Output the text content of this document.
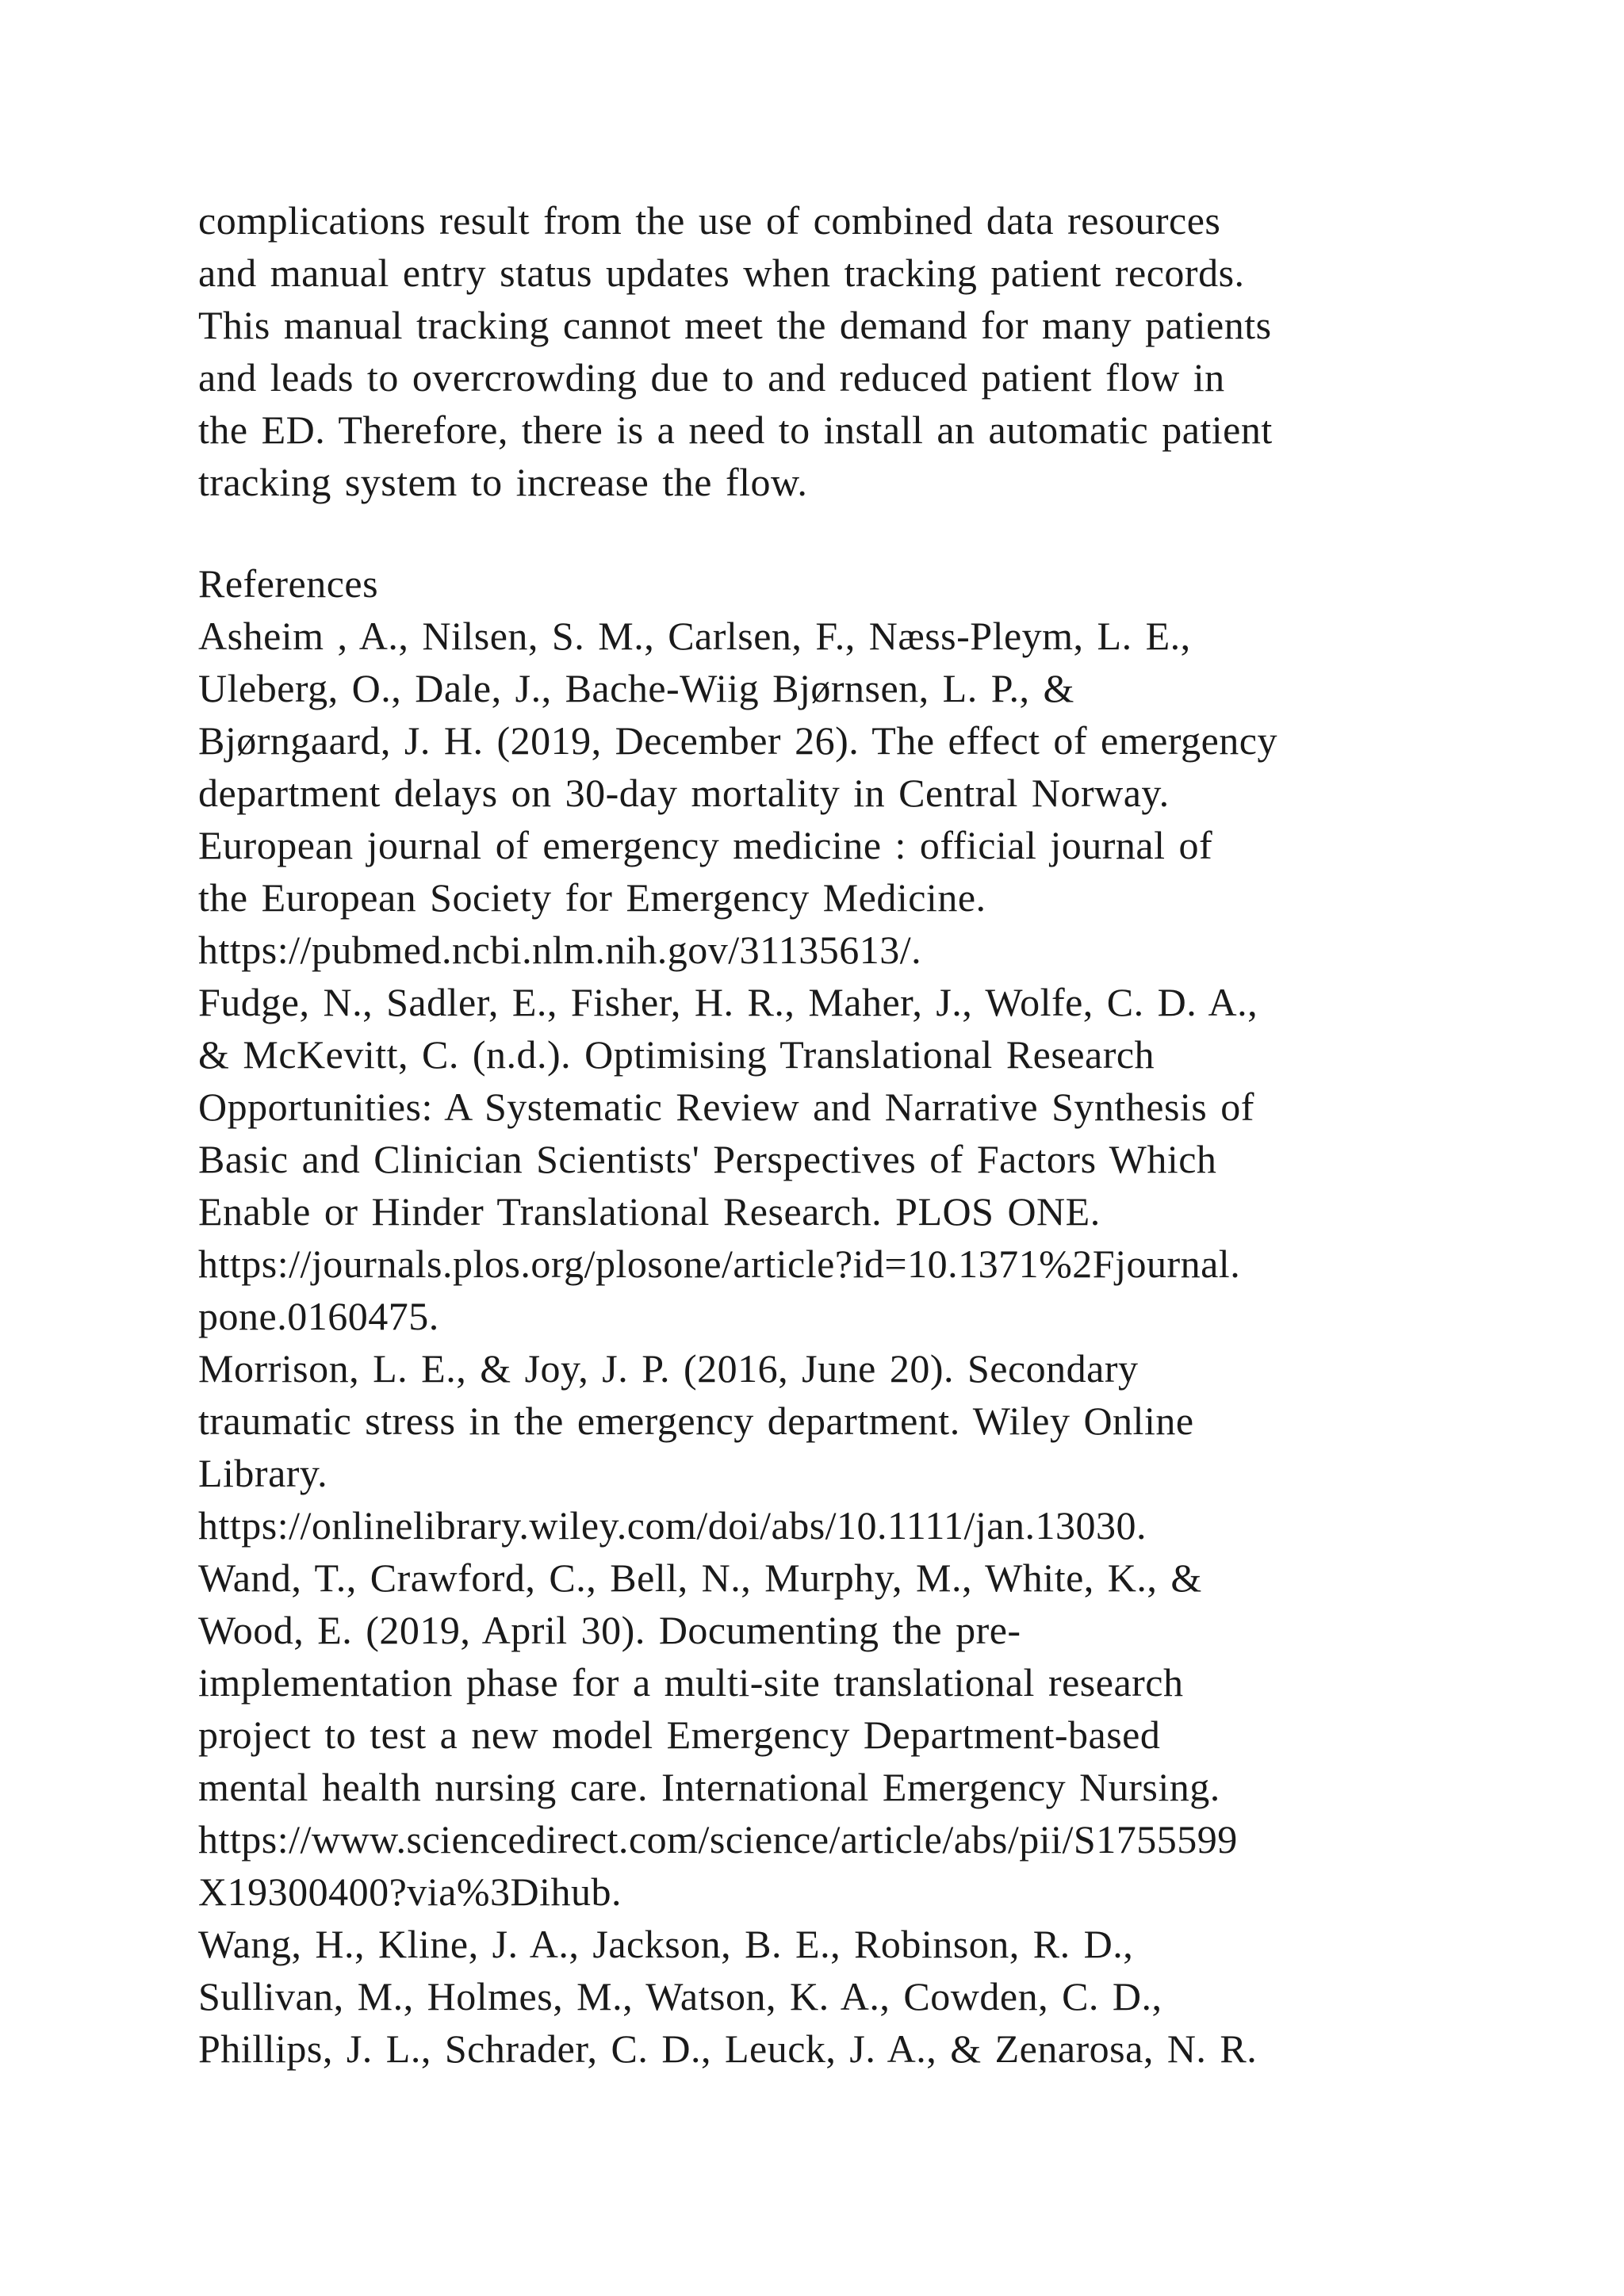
complications result from the use of combined data resources
and manual entry status updates when tracking patient records.
This manual tracking cannot meet the demand for many patients
and leads to overcrowding due to and reduced patient flow in
the ED. Therefore, there is a need to install an automatic patient
tracking system to increase the flow.
References
Asheim , A., Nilsen, S. M., Carlsen, F., Næss-Pleym, L. E.,
Uleberg, O., Dale, J., Bache-Wiig Bjørnsen, L. P., &
Bjørngaard, J. H. (2019, December 26). The effect of emergency
department delays on 30-day mortality in Central Norway.
European journal of emergency medicine : official journal of
the European Society for Emergency Medicine.
https://pubmed.ncbi.nlm.nih.gov/31135613/.
Fudge, N., Sadler, E., Fisher, H. R., Maher, J., Wolfe, C. D. A.,
& McKevitt, C. (n.d.). Optimising Translational Research
Opportunities: A Systematic Review and Narrative Synthesis of
Basic and Clinician Scientists' Perspectives of Factors Which
Enable or Hinder Translational Research. PLOS ONE.
https://journals.plos.org/plosone/article?id=10.1371%2Fjournal.
pone.0160475.
Morrison, L. E., & Joy, J. P. (2016, June 20). Secondary
traumatic stress in the emergency department. Wiley Online
Library.
https://onlinelibrary.wiley.com/doi/abs/10.1111/jan.13030.
Wand, T., Crawford, C., Bell, N., Murphy, M., White, K., &
Wood, E. (2019, April 30). Documenting the pre-
implementation phase for a multi-site translational research
project to test a new model Emergency Department-based
mental health nursing care. International Emergency Nursing.
https://www.sciencedirect.com/science/article/abs/pii/S1755599
X19300400?via%3Dihub.
Wang, H., Kline, J. A., Jackson, B. E., Robinson, R. D.,
Sullivan, M., Holmes, M., Watson, K. A., Cowden, C. D.,
Phillips, J. L., Schrader, C. D., Leuck, J. A., & Zenarosa, N. R.
